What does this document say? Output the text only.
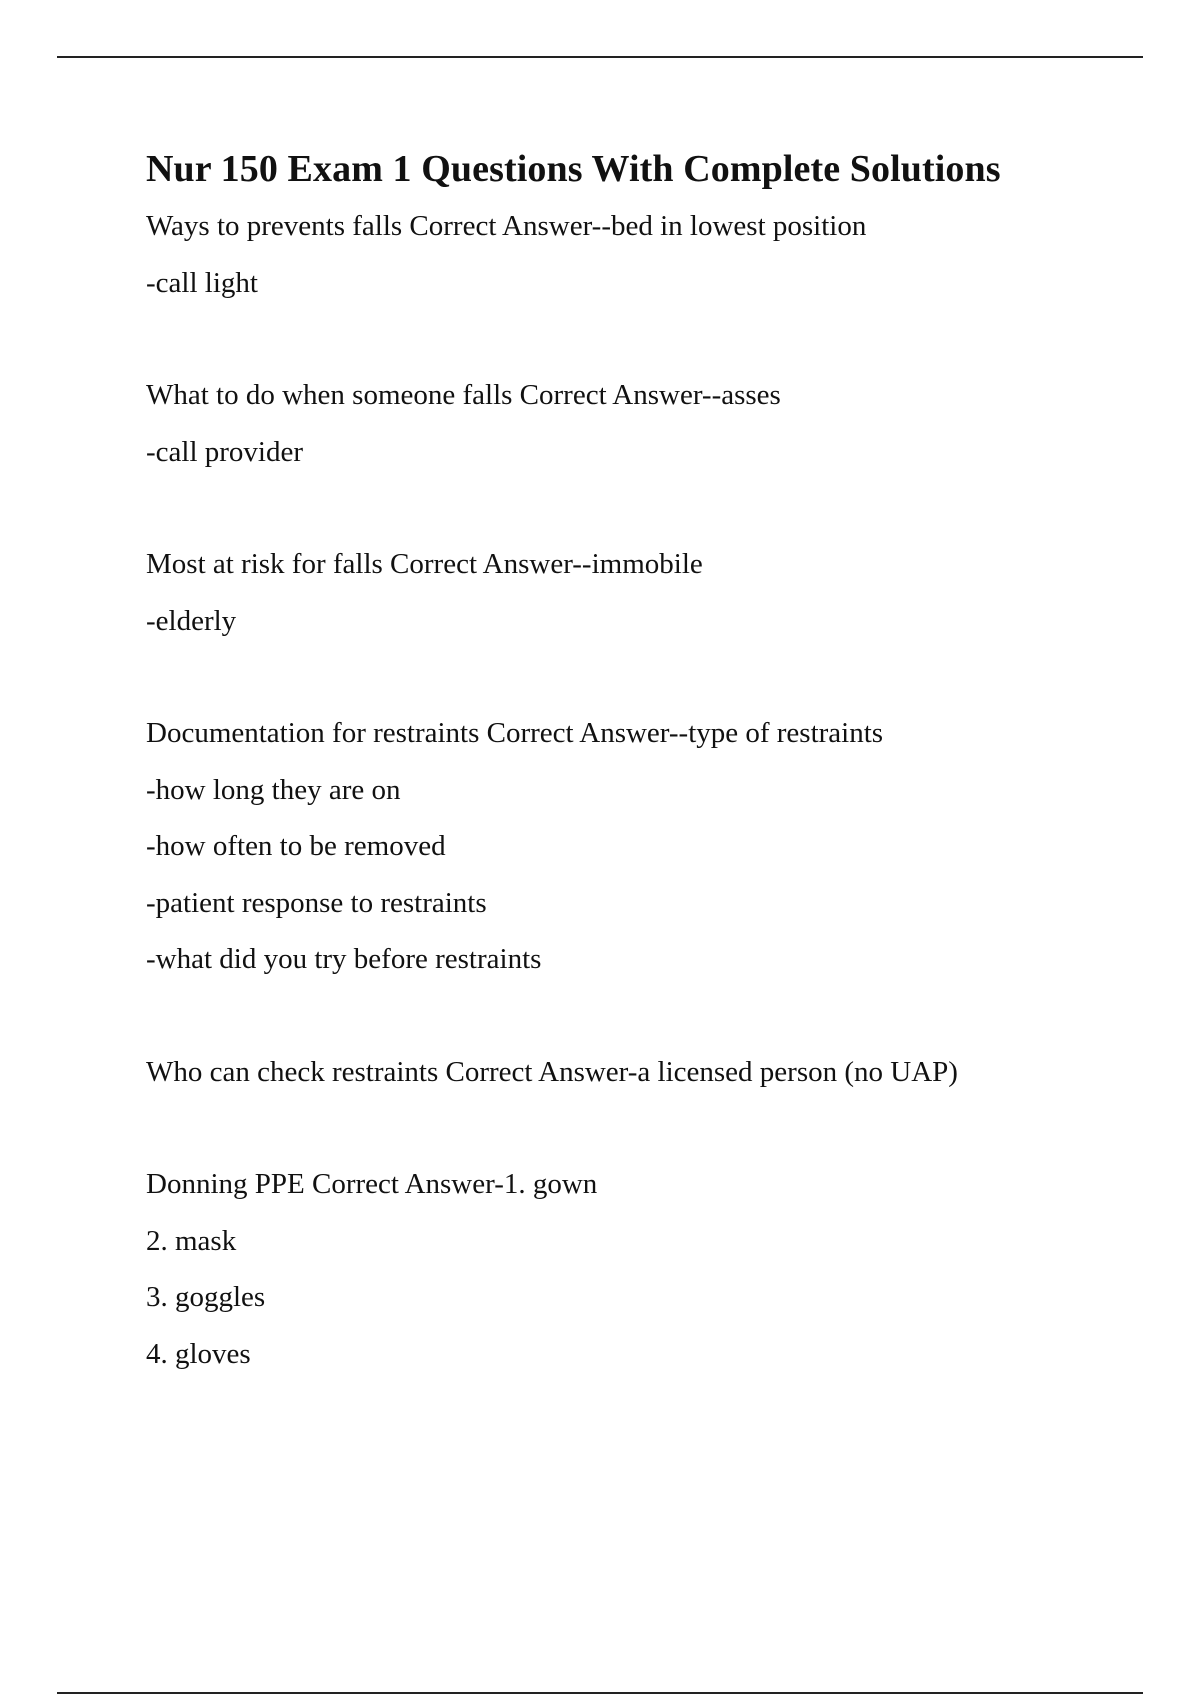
Nur 150 Exam 1 Questions With Complete Solutions
Ways to prevents falls Correct Answer--bed in lowest position
-call light
What to do when someone falls Correct Answer--asses
-call provider
Most at risk for falls Correct Answer--immobile
-elderly
Documentation for restraints Correct Answer--type of restraints
-how long they are on
-how often to be removed
-patient response to restraints
-what did you try before restraints
Who can check restraints Correct Answer-a licensed person (no UAP)
Donning PPE Correct Answer-1. gown
2. mask
3. goggles
4. gloves
